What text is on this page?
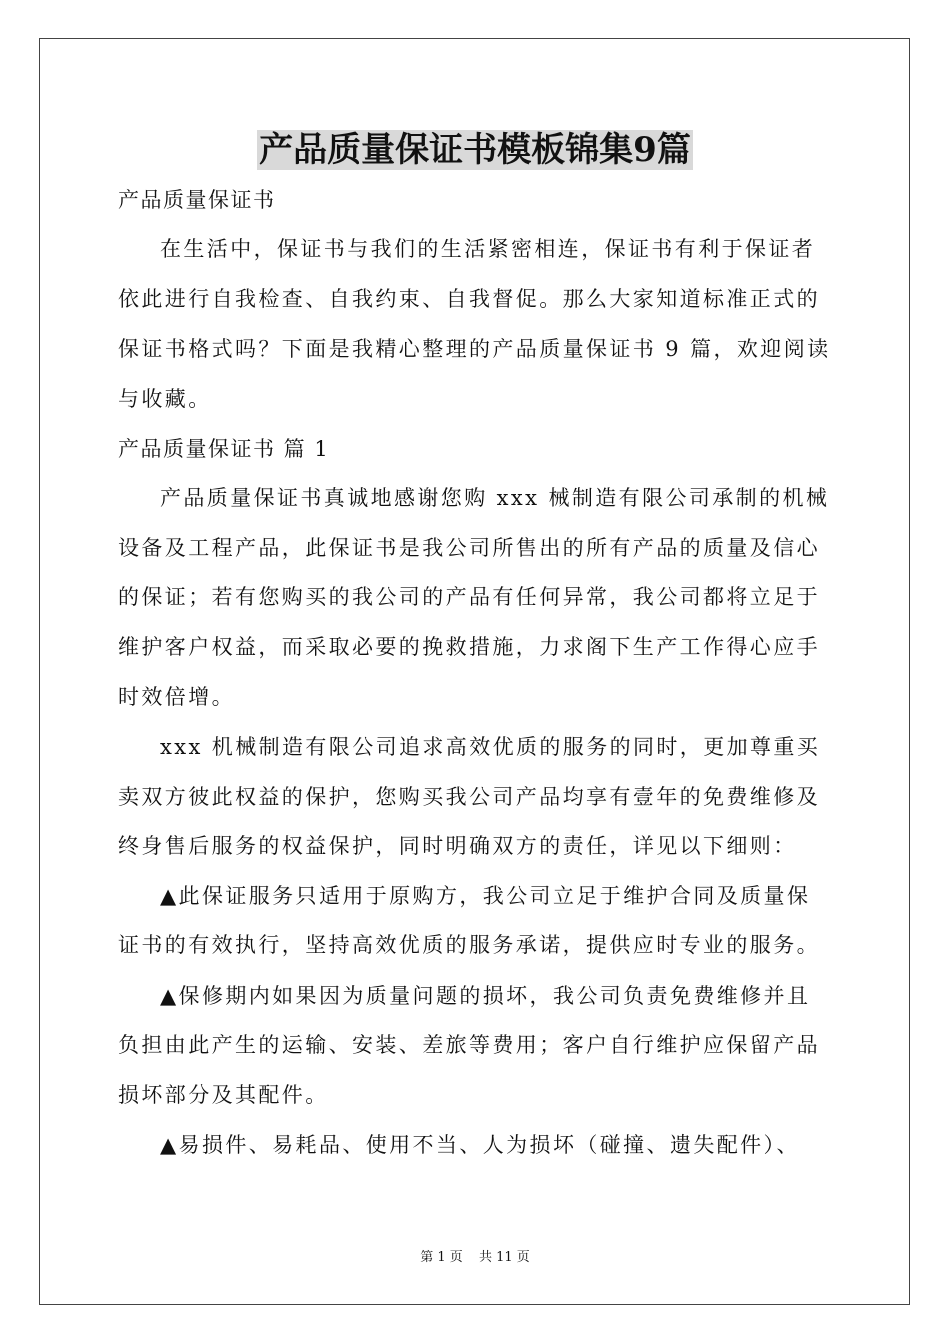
产品质量保证书模板锦集9篇
产品质量保证书
在生活中，保证书与我们的生活紧密相连，保证书有利于保证者
依此进行自我检查、自我约束、自我督促。那么大家知道标准正式的
保证书格式吗？下面是我精心整理的产品质量保证书 9 篇，欢迎阅读
与收藏。
产品质量保证书 篇 1
产品质量保证书真诚地感谢您购 xxx 械制造有限公司承制的机械
设备及工程产品，此保证书是我公司所售出的所有产品的质量及信心
的保证；若有您购买的我公司的产品有任何异常，我公司都将立足于
维护客户权益，而采取必要的挽救措施，力求阁下生产工作得心应手
时效倍增。
xxx 机械制造有限公司追求高效优质的服务的同时，更加尊重买
卖双方彼此权益的保护，您购买我公司产品均享有壹年的免费维修及
终身售后服务的权益保护，同时明确双方的责任，详见以下细则：
▲此保证服务只适用于原购方，我公司立足于维护合同及质量保
证书的有效执行，坚持高效优质的服务承诺，提供应时专业的服务。
▲保修期内如果因为质量问题的损坏，我公司负责免费维修并且
负担由此产生的运输、安装、差旅等费用；客户自行维护应保留产品
损坏部分及其配件。
▲易损件、易耗品、使用不当、人为损坏（碰撞、遗失配件）、
第 1 页 共 11 页
